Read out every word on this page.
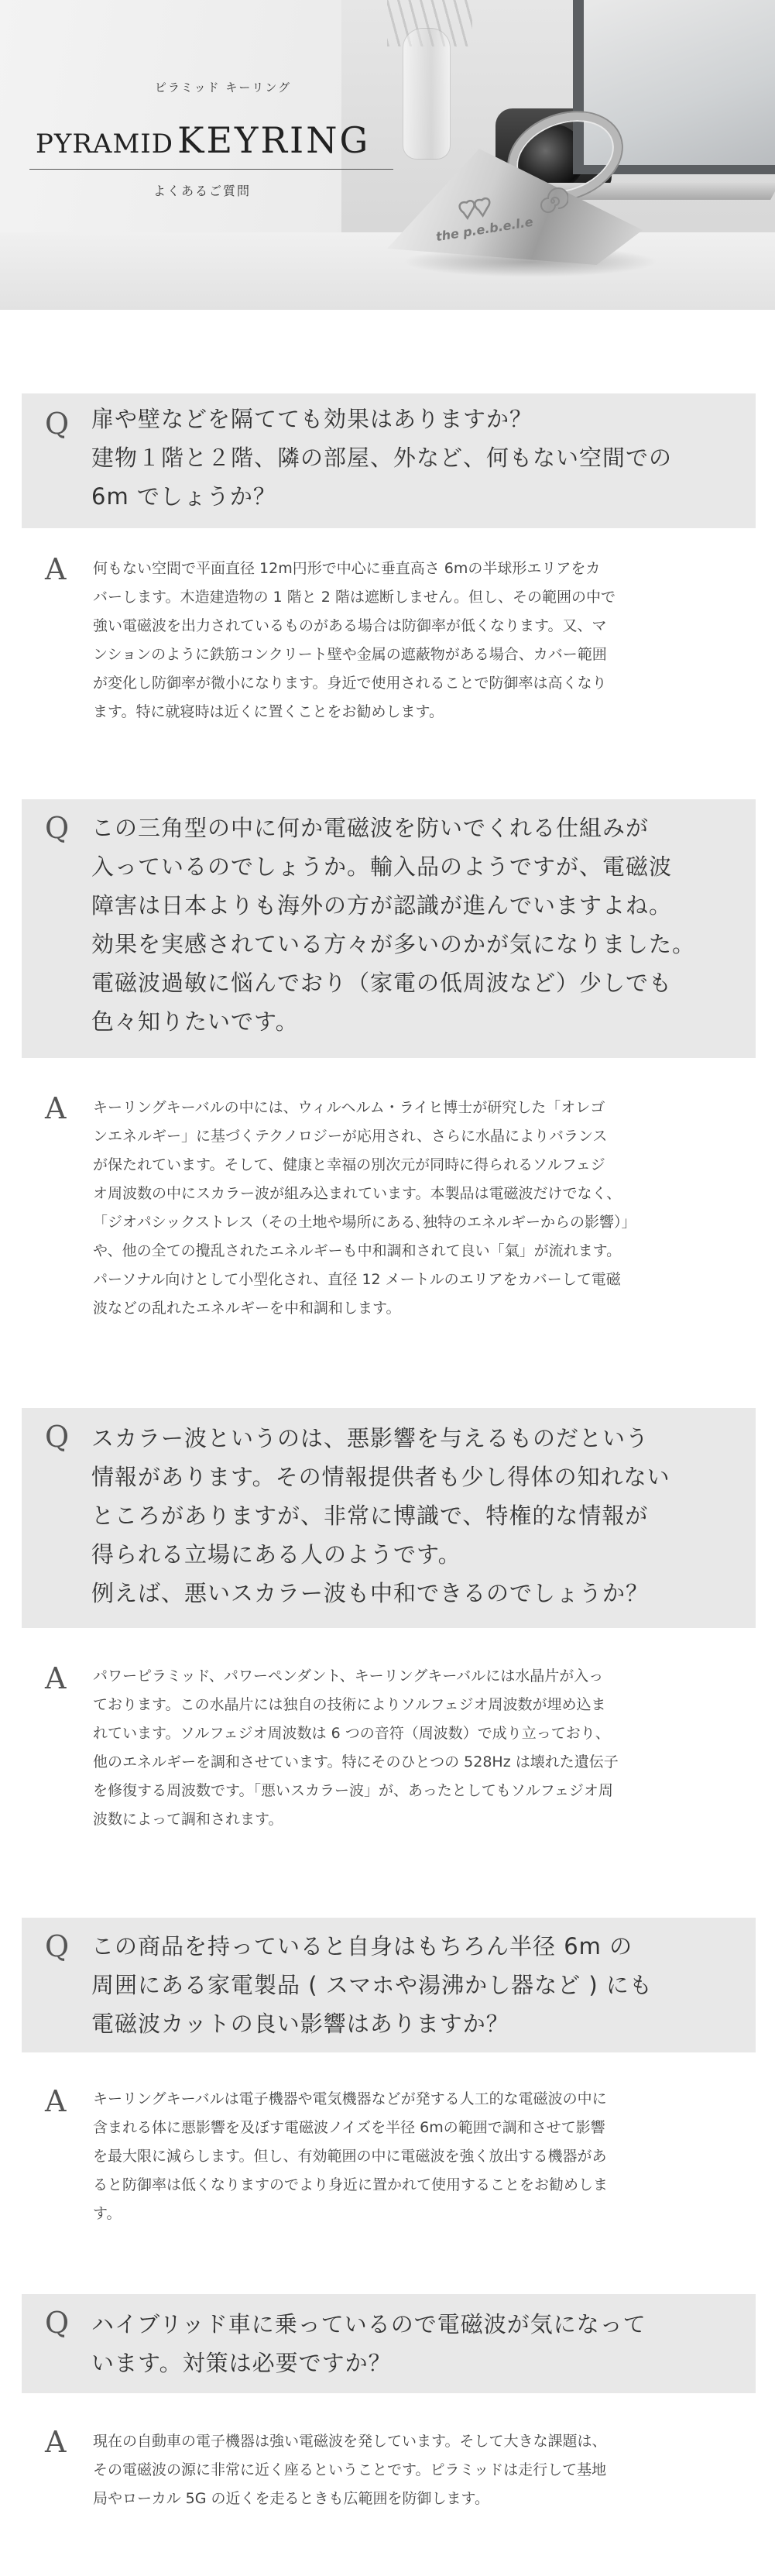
the p.e.b.e.l.e
ピラミッド キーリング
PYRAMID KEYRING
よくあるご質問
Q 扉や壁などを隔てても効果はありますか？
建物１階と２階、隣の部屋、外など、何もない空間での
6m でしょうか？
A 何もない空間で平面直径 12m円形で中心に垂直高さ 6mの半球形エリアをカ
バーします。木造建造物の 1 階と 2 階は遮断しません。但し、その範囲の中で
強い電磁波を出力されているものがある場合は防御率が低くなります。又、マ
ンションのように鉄筋コンクリート壁や金属の遮蔽物がある場合、カバー範囲
が変化し防御率が微小になります。身近で使用されることで防御率は高くなり
ます。特に就寝時は近くに置くことをお勧めします。
Q この三角型の中に何か電磁波を防いでくれる仕組みが
入っているのでしょうか。輸入品のようですが、電磁波
障害は日本よりも海外の方が認識が進んでいますよね。
効果を実感されている方々が多いのかが気になりました。
電磁波過敏に悩んでおり（家電の低周波など）少しでも
色々知りたいです。
A キーリングキーバルの中には、ウィルヘルム・ライヒ博士が研究した「オレゴ
ンエネルギー」に基づくテクノロジーが応用され、さらに水晶によりバランス
が保たれています。そして、健康と幸福の別次元が同時に得られるソルフェジ
オ周波数の中にスカラー波が組み込まれています。本製品は電磁波だけでなく、
「ジオパシックストレス（その土地や場所にある､独特のエネルギーからの影響）」
や、他の全ての攪乱されたエネルギーも中和調和されて良い「氣」が流れます。
パーソナル向けとして小型化され、直径 12 メートルのエリアをカバーして電磁
波などの乱れたエネルギーを中和調和します。
Q スカラー波というのは、悪影響を与えるものだという
情報があります。その情報提供者も少し得体の知れない
ところがありますが、非常に博識で、特権的な情報が
得られる立場にある人のようです。
例えば、悪いスカラー波も中和できるのでしょうか？
A パワーピラミッド、パワーペンダント、キーリングキーバルには水晶片が入っ
ております。この水晶片には独自の技術によりソルフェジオ周波数が埋め込ま
れています。ソルフェジオ周波数は 6 つの音符（周波数）で成り立っており、
他のエネルギーを調和させています。特にそのひとつの 528Hz は壊れた遺伝子
を修復する周波数です。「悪いスカラー波」が、あったとしてもソルフェジオ周
波数によって調和されます。
Q この商品を持っていると自身はもちろん半径 6m の
周囲にある家電製品 ( スマホや湯沸かし器など ) にも
電磁波カットの良い影響はありますか？
A キーリングキーバルは電子機器や電気機器などが発する人工的な電磁波の中に
含まれる体に悪影響を及ぼす電磁波ノイズを半径 6mの範囲で調和させて影響
を最大限に減らします。但し、有効範囲の中に電磁波を強く放出する機器があ
ると防御率は低くなりますのでより身近に置かれて使用することをお勧めしま
す。
Q ハイブリッド車に乗っているので電磁波が気になって
います。対策は必要ですか？
A 現在の自動車の電子機器は強い電磁波を発しています。そして大きな課題は、
その電磁波の源に非常に近く座るということです。ピラミッドは走行して基地
局やローカル 5G の近くを走るときも広範囲を防御します。
